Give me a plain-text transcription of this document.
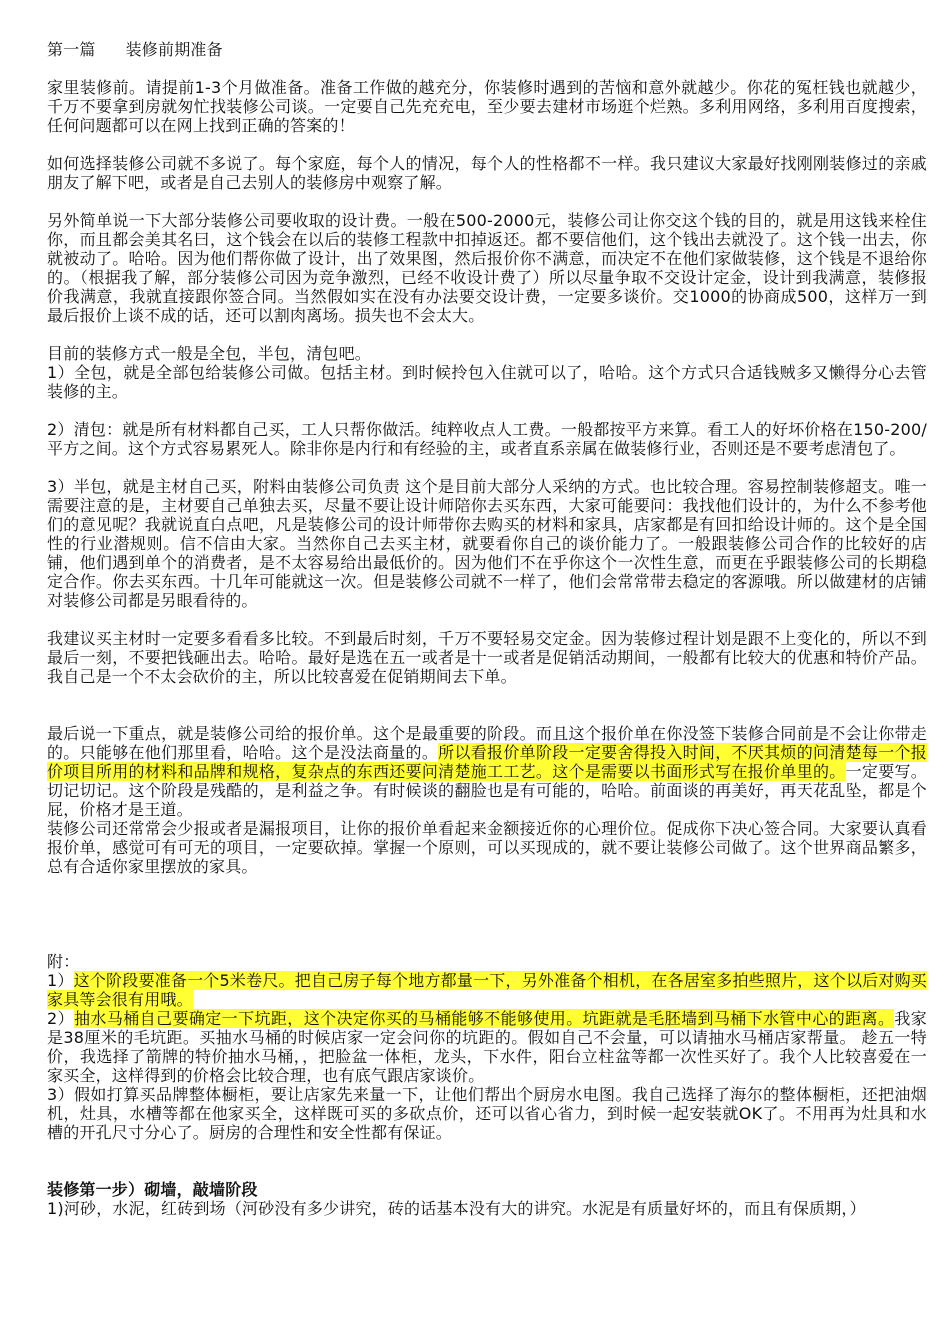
第一篇 装修前期准备

家里装修前。请提前1-3个月做准备。准备工作做的越充分，你装修时遇到的苦恼和意外就越少。你花的冤枉钱也就越少，千万不要拿到房就匆忙找装修公司谈。一定要自己先充充电，至少要去建材市场逛个烂熟。多利用网络，多利用百度搜索，任何问题都可以在网上找到正确的答案的！

如何选择装修公司就不多说了。每个家庭，每个人的情况，每个人的性格都不一样。我只建议大家最好找刚刚装修过的亲戚朋友了解下吧，或者是自己去别人的装修房中观察了解。

另外简单说一下大部分装修公司要收取的设计费。一般在500-2000元，装修公司让你交这个钱的目的，就是用这钱来栓住你，而且都会美其名曰，这个钱会在以后的装修工程款中扣掉返还。都不要信他们，这个钱出去就没了。这个钱一出去，你就被动了。哈哈。因为他们帮你做了设计，出了效果图，然后报价你不满意，而决定不在他们家做装修，这个钱是不退给你的。（根据我了解，部分装修公司因为竞争激烈，已经不收设计费了）所以尽量争取不交设计定金，设计到我满意，装修报价我满意，我就直接跟你签合同。当然假如实在没有办法要交设计费，一定要多谈价。交1000的协商成500，这样万一到最后报价上谈不成的话，还可以割肉离场。损失也不会太大。

目前的装修方式一般是全包，半包，清包吧。

1）全包，就是全部包给装修公司做。包括主材。到时候拎包入住就可以了，哈哈。这个方式只合适钱贼多又懒得分心去管装修的主。

2）清包：就是所有材料都自己买，工人只帮你做活。纯粹收点人工费。一般都按平方来算。看工人的好坏价格在150-200/平方之间。这个方式容易累死人。除非你是内行和有经验的主，或者直系亲属在做装修行业，否则还是不要考虑清包了。

3）半包，就是主材自己买，附料由装修公司负责 这个是目前大部分人采纳的方式。也比较合理。容易控制装修超支。唯一需要注意的是，主材要自己单独去买，尽量不要让设计师陪你去买东西，大家可能要问：我找他们设计的，为什么不参考他们的意见呢？我就说直白点吧，凡是装修公司的设计师带你去购买的材料和家具，店家都是有回扣给设计师的。这个是全国性的行业潜规则。信不信由大家。当然你自己去买主材，就要看你自己的谈价能力了。一般跟装修公司合作的比较好的店铺，他们遇到单个的消费者，是不太容易给出最低价的。因为他们不在乎你这个一次性生意，而更在乎跟装修公司的长期稳定合作。你去买东西。十几年可能就这一次。但是装修公司就不一样了，他们会常常带去稳定的客源哦。所以做建材的店铺对装修公司都是另眼看待的。

我建议买主材时一定要多看看多比较。不到最后时刻，千万不要轻易交定金。因为装修过程计划是跟不上变化的，所以不到最后一刻，不要把钱砸出去。哈哈。最好是选在五一或者是十一或者是促销活动期间，一般都有比较大的优惠和特价产品。我自己是一个不太会砍价的主，所以比较喜爱在促销期间去下单。

最后说一下重点，就是装修公司给的报价单。这个是最重要的阶段。而且这个报价单在你没签下装修合同前是不会让你带走的。只能够在他们那里看，哈哈。这个是没法商量的。所以看报价单阶段一定要舍得投入时间，不厌其烦的问清楚每一个报价项目所用的材料和品牌和规格，复杂点的东西还要问清楚施工工艺。这个是需要以书面形式写在报价单里的。一定要写。切记切记。这个阶段是残酷的，是利益之争。有时候谈的翻脸也是有可能的，哈哈。前面谈的再美好，再天花乱坠，都是个屁，价格才是王道。

装修公司还常常会少报或者是漏报项目，让你的报价单看起来金额接近你的心理价位。促成你下决心签合同。大家要认真看报价单，感觉可有可无的项目，一定要砍掉。掌握一个原则，可以买现成的，就不要让装修公司做了。这个世界商品繁多，总有合适你家里摆放的家具。

附：

1）这个阶段要准备一个5米卷尺。把自己房子每个地方都量一下，另外准备个相机，在各居室多拍些照片，这个以后对购买家具等会很有用哦。

2）抽水马桶自己要确定一下坑距，这个决定你买的马桶能够不能够使用。坑距就是毛胚墙到马桶下水管中心的距离。我家是38厘米的毛坑距。买抽水马桶的时候店家一定会问你的坑距的。假如自己不会量，可以请抽水马桶店家帮量。 趁五一特价，我选择了箭牌的特价抽水马桶，，把脸盆一体柜，龙头，下水件，阳台立柱盆等都一次性买好了。我个人比较喜爱在一家买全，这样得到的价格会比较合理，也有底气跟店家谈价。

3）假如打算买品牌整体橱柜，要让店家先来量一下，让他们帮出个厨房水电图。我自己选择了海尔的整体橱柜，还把油烟机，灶具，水槽等都在他家买全，这样既可买的多砍点价，还可以省心省力，到时候一起安装就OK了。不用再为灶具和水槽的开孔尺寸分心了。厨房的合理性和安全性都有保证。

装修第一步）砌墙，敲墙阶段

1)河砂，水泥，红砖到场（河砂没有多少讲究，砖的话基本没有大的讲究。水泥是有质量好坏的，而且有保质期，）
